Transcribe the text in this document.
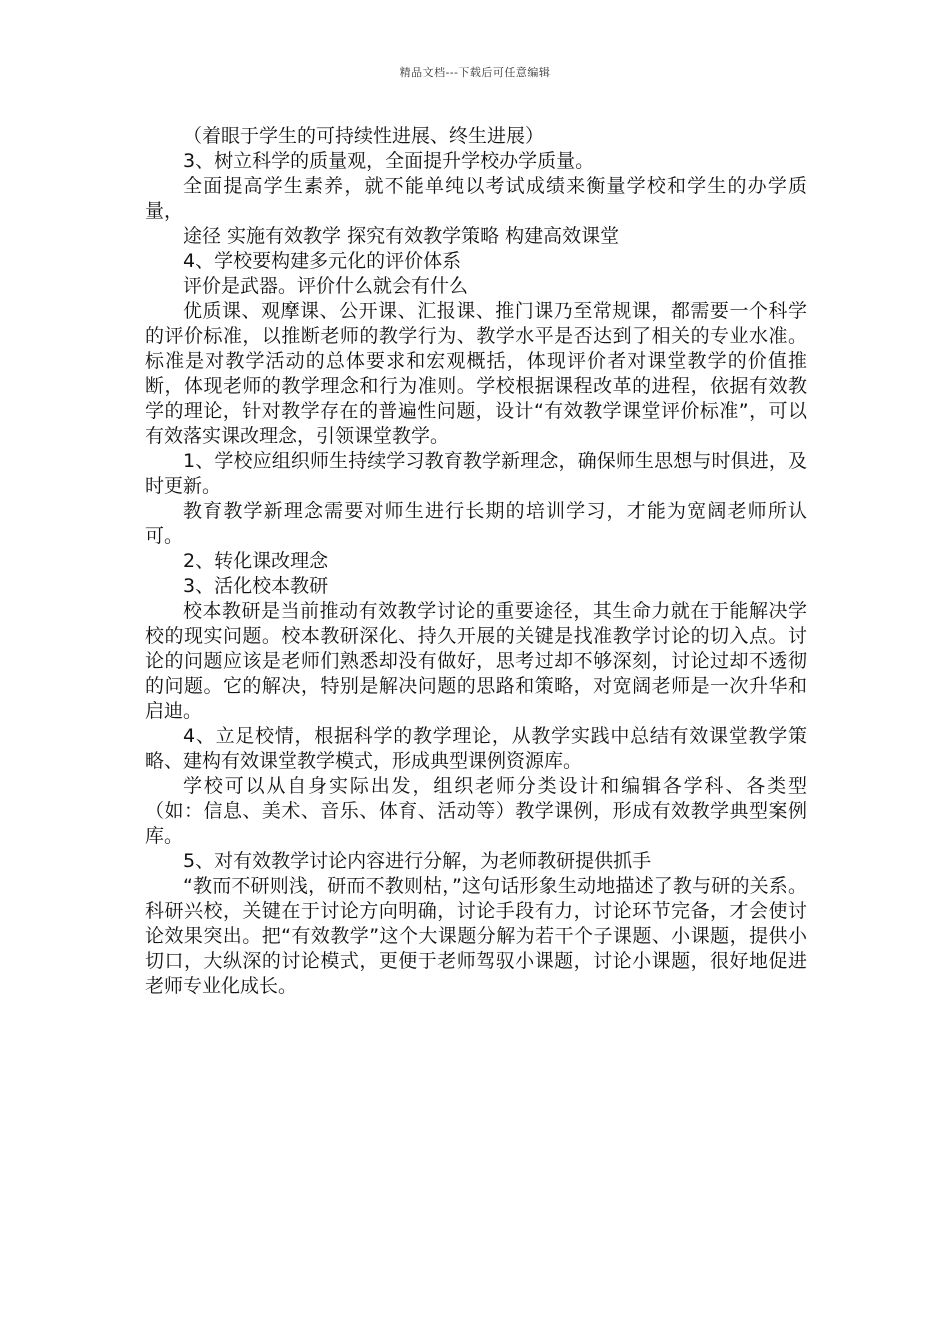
精品文档---下载后可任意编辑

（着眼于学生的可持续性进展、终生进展）

3、树立科学的质量观，全面提升学校办学质量。

全面提高学生素养，就不能单纯以考试成绩来衡量学校和学生的办学质量，

途径 实施有效教学 探究有效教学策略 构建高效课堂

4、学校要构建多元化的评价体系

评价是武器。评价什么就会有什么

优质课、观摩课、公开课、汇报课、推门课乃至常规课，都需要一个科学的评价标准，以推断老师的教学行为、教学水平是否达到了相关的专业水准。标准是对教学活动的总体要求和宏观概括，体现评价者对课堂教学的价值推断，体现老师的教学理念和行为准则。学校根据课程改革的进程，依据有效教学的理论，针对教学存在的普遍性问题，设计“有效教学课堂评价标准”，可以有效落实课改理念，引领课堂教学。

1、学校应组织师生持续学习教育教学新理念，确保师生思想与时俱进，及时更新。

教育教学新理念需要对师生进行长期的培训学习，才能为宽阔老师所认可。

2、转化课改理念

3、活化校本教研

校本教研是当前推动有效教学讨论的重要途径，其生命力就在于能解决学校的现实问题。校本教研深化、持久开展的关键是找准教学讨论的切入点。讨论的问题应该是老师们熟悉却没有做好，思考过却不够深刻，讨论过却不透彻的问题。它的解决，特别是解决问题的思路和策略，对宽阔老师是一次升华和启迪。

4、立足校情，根据科学的教学理论，从教学实践中总结有效课堂教学策略、建构有效课堂教学模式，形成典型课例资源库。

学校可以从自身实际出发，组织老师分类设计和编辑各学科、各类型（如：信息、美术、音乐、体育、活动等）教学课例，形成有效教学典型案例库。

5、对有效教学讨论内容进行分解，为老师教研提供抓手

“教而不研则浅，研而不教则枯，”这句话形象生动地描述了教与研的关系。科研兴校，关键在于讨论方向明确，讨论手段有力，讨论环节完备，才会使讨论效果突出。把“有效教学”这个大课题分解为若干个子课题、小课题，提供小切口，大纵深的讨论模式，更便于老师驾驭小课题，讨论小课题，很好地促进老师专业化成长。
